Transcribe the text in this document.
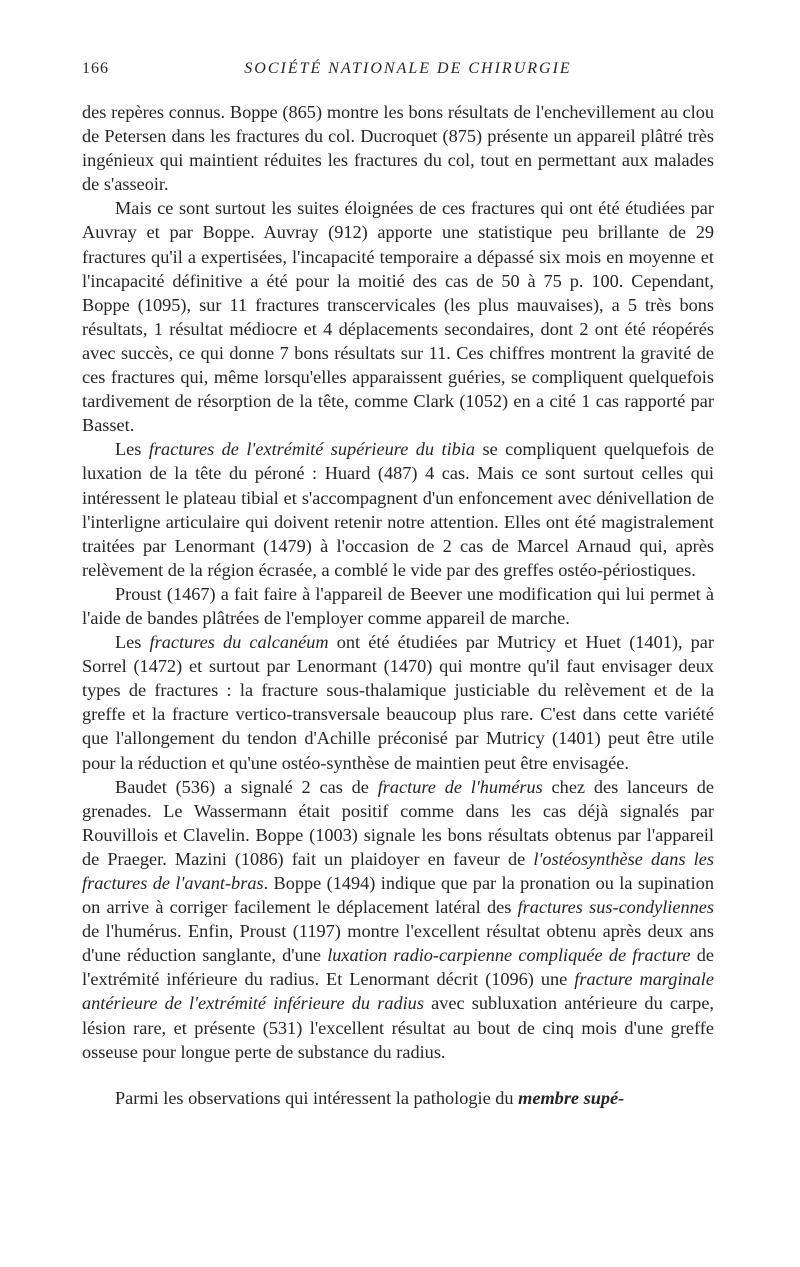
166	SOCIÉTÉ NATIONALE DE CHIRURGIE

des repères connus. Boppe (865) montre les bons résultats de l'enchevillement au clou de Petersen dans les fractures du col. Ducroquet (875) présente un appareil plâtré très ingénieux qui maintient réduites les fractures du col, tout en permettant aux malades de s'asseoir.

Mais ce sont surtout les suites éloignées de ces fractures qui ont été étudiées par Auvray et par Boppe. Auvray (912) apporte une statistique peu brillante de 29 fractures qu'il a expertisées, l'incapacité temporaire a dépassé six mois en moyenne et l'incapacité définitive a été pour la moitié des cas de 50 à 75 p. 100. Cependant, Boppe (1095), sur 11 fractures transcervicales (les plus mauvaises), a 5 très bons résultats, 1 résultat médiocre et 4 déplacements secondaires, dont 2 ont été réopérés avec succès, ce qui donne 7 bons résultats sur 11. Ces chiffres montrent la gravité de ces fractures qui, même lorsqu'elles apparaissent guéries, se compliquent quelquefois tardivement de résorption de la tête, comme Clark (1052) en a cité 1 cas rapporté par Basset.

Les fractures de l'extrémité supérieure du tibia se compliquent quelquefois de luxation de la tête du péroné : Huard (487) 4 cas. Mais ce sont surtout celles qui intéressent le plateau tibial et s'accompagnent d'un enfoncement avec dénivellation de l'interligne articulaire qui doivent retenir notre attention. Elles ont été magistralement traitées par Lenormant (1479) à l'occasion de 2 cas de Marcel Arnaud qui, après relèvement de la région écrasée, a comblé le vide par des greffes ostéo-périostiques.

Proust (1467) a fait faire à l'appareil de Beever une modification qui lui permet à l'aide de bandes plâtrées de l'employer comme appareil de marche.

Les fractures du calcanéum ont été étudiées par Mutricy et Huet (1401), par Sorrel (1472) et surtout par Lenormant (1470) qui montre qu'il faut envisager deux types de fractures : la fracture sous-thalamique justiciable du relèvement et de la greffe et la fracture vertico-transversale beaucoup plus rare. C'est dans cette variété que l'allongement du tendon d'Achille préconisé par Mutricy (1401) peut être utile pour la réduction et qu'une ostéo-synthèse de maintien peut être envisagée.

Baudet (536) a signalé 2 cas de fracture de l'humérus chez des lanceurs de grenades. Le Wassermann était positif comme dans les cas déjà signalés par Rouvillois et Clavelin. Boppe (1003) signale les bons résultats obtenus par l'appareil de Praeger. Mazini (1086) fait un plaidoyer en faveur de l'ostéosynthèse dans les fractures de l'avant-bras. Boppe (1494) indique que par la pronation ou la supination on arrive à corriger facilement le déplacement latéral des fractures sus-condyliennes de l'humérus. Enfin, Proust (1197) montre l'excellent résultat obtenu après deux ans d'une réduction sanglante, d'une luxation radio-carpienne compliquée de fracture de l'extrémité inférieure du radius. Et Lenormant décrit (1096) une fracture marginale antérieure de l'extrémité inférieure du radius avec subluxation antérieure du carpe, lésion rare, et présente (531) l'excellent résultat au bout de cinq mois d'une greffe osseuse pour longue perte de substance du radius.

Parmi les observations qui intéressent la pathologie du membre supé-
